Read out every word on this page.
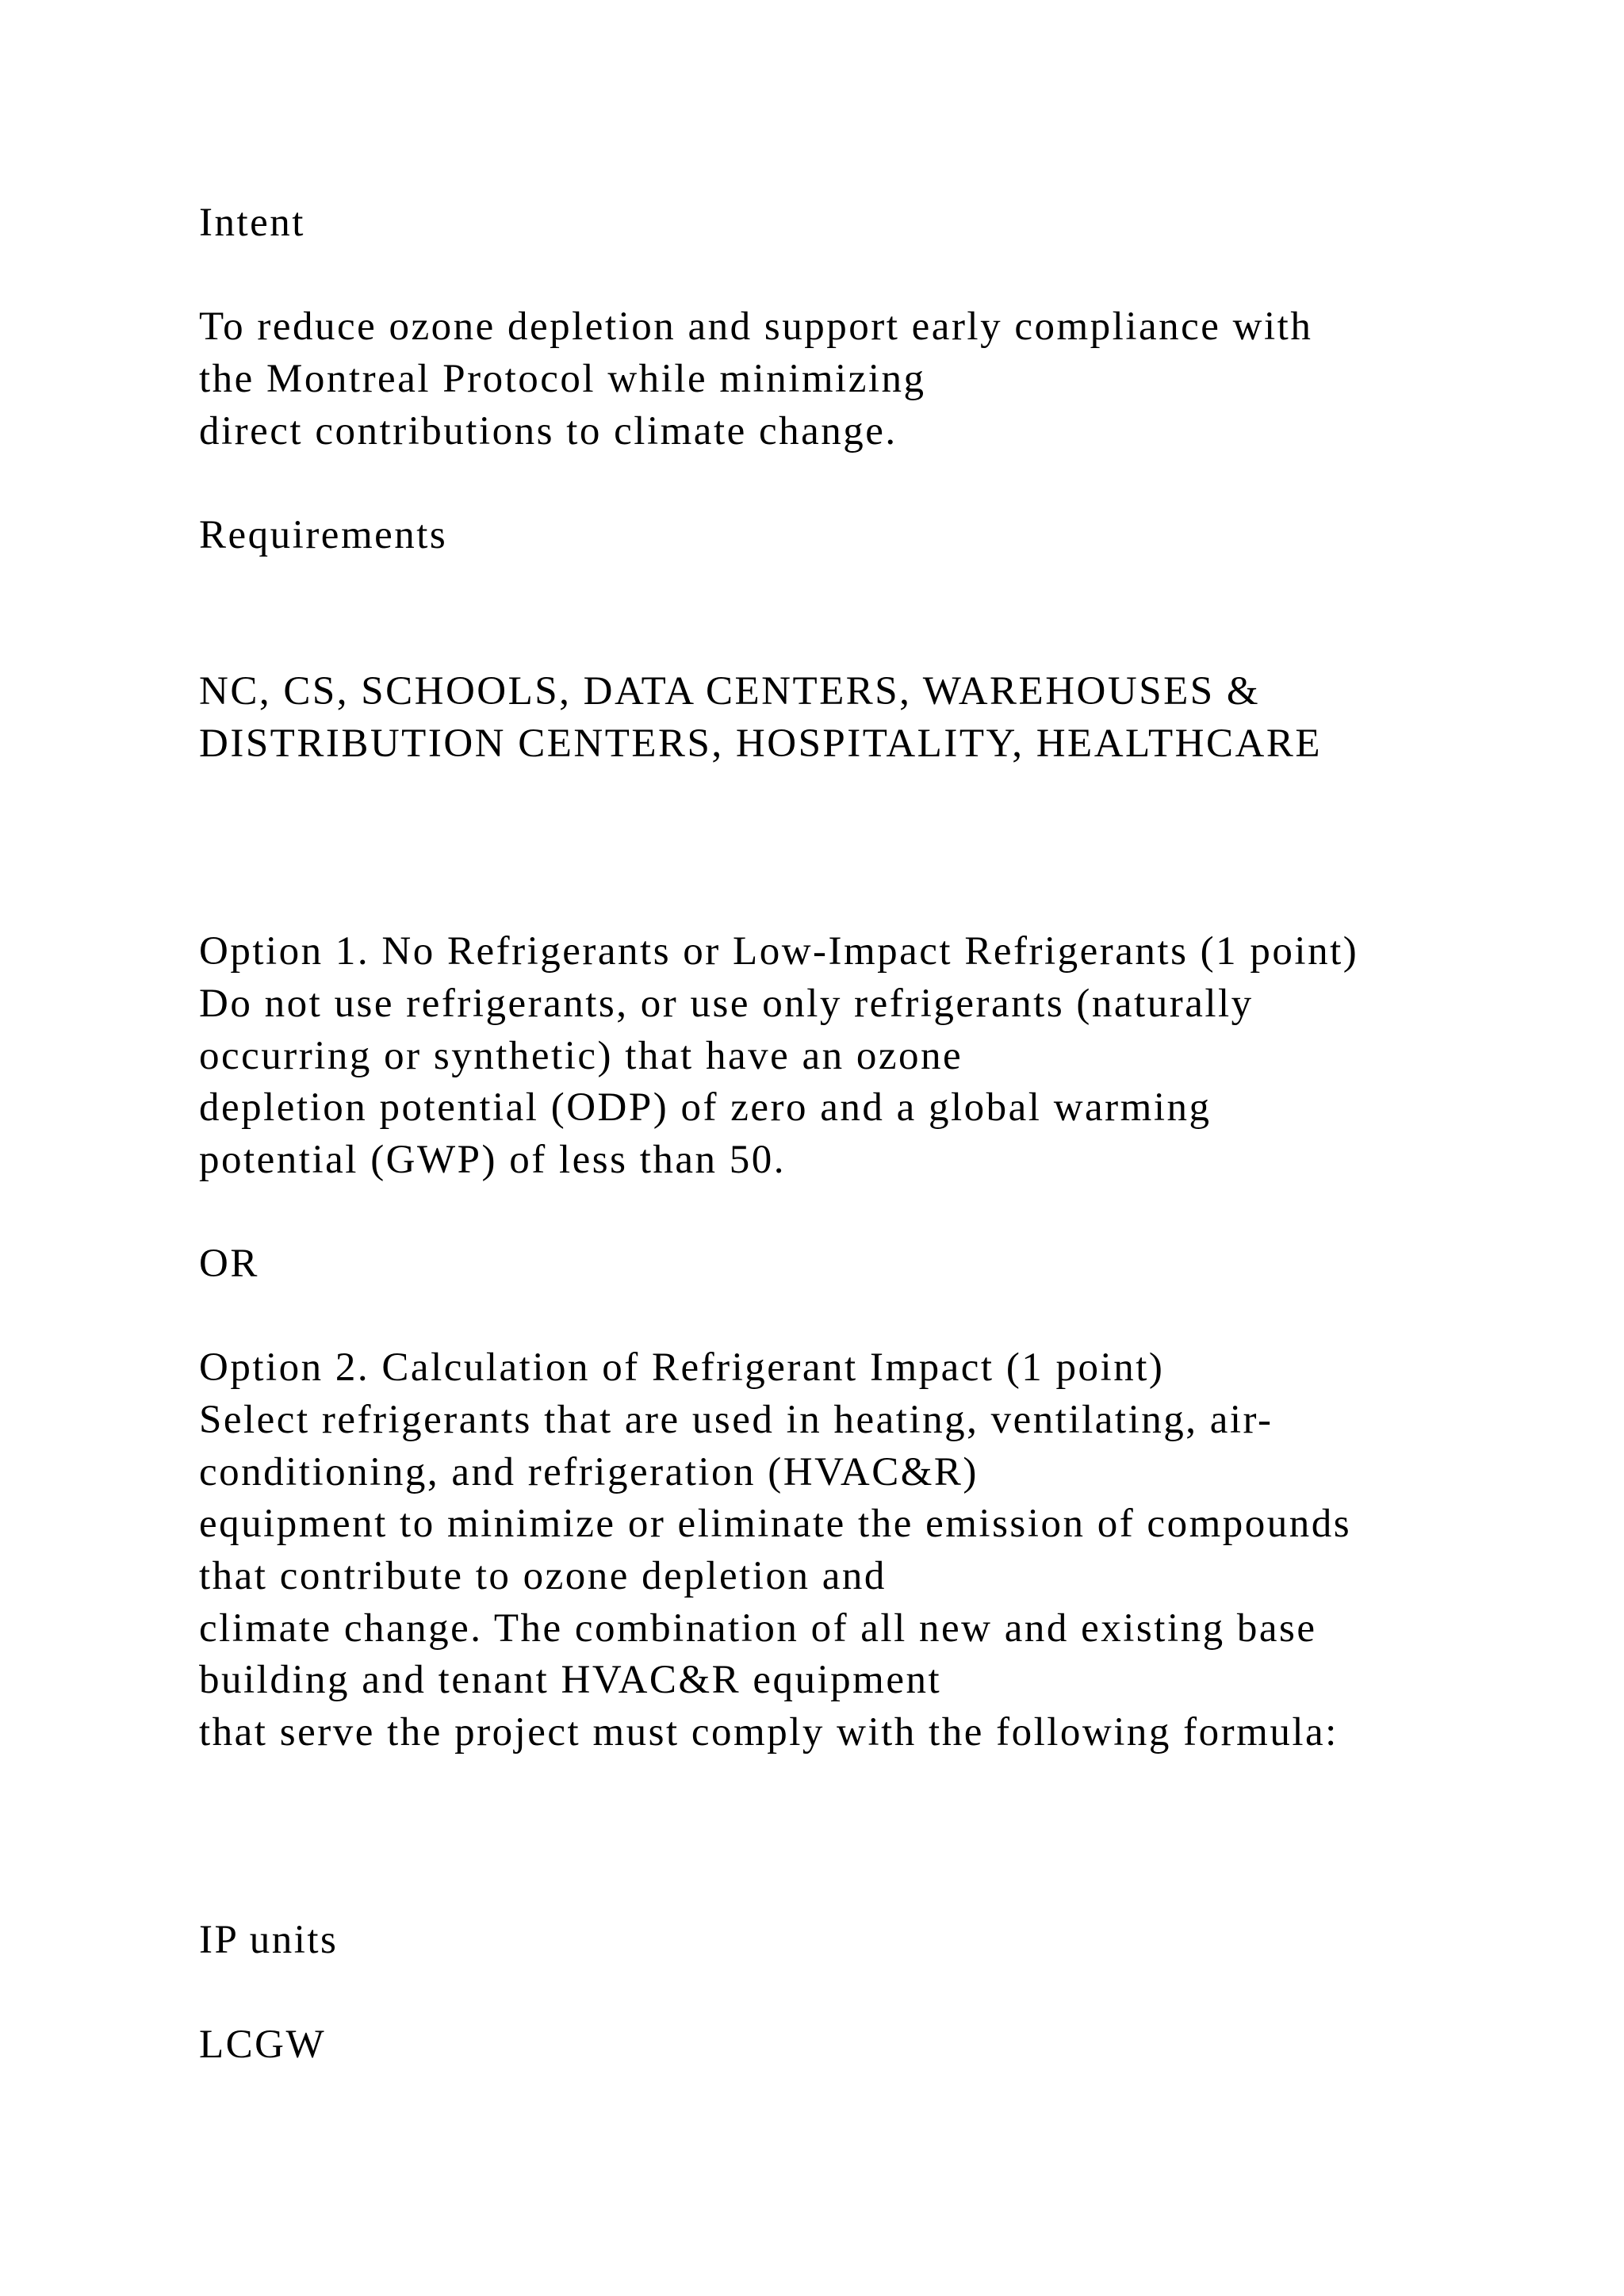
Intent
To reduce ozone depletion and support early compliance with
the Montreal Protocol while minimizing
direct contributions to climate change.
Requirements
NC, CS, SCHOOLS, DATA CENTERS, WAREHOUSES &
DISTRIBUTION CENTERS, HOSPITALITY, HEALTHCARE
Option 1. No Refrigerants or Low-Impact Refrigerants (1 point)
Do not use refrigerants, or use only refrigerants (naturally
occurring or synthetic) that have an ozone
depletion potential (ODP) of zero and a global warming
potential (GWP) of less than 50.
OR
Option 2. Calculation of Refrigerant Impact (1 point)
Select refrigerants that are used in heating, ventilating, air-
conditioning, and refrigeration (HVAC&R)
equipment to minimize or eliminate the emission of compounds
that contribute to ozone depletion and
climate change. The combination of all new and existing base
building and tenant HVAC&R equipment
that serve the project must comply with the following formula:
IP units
LCGW
